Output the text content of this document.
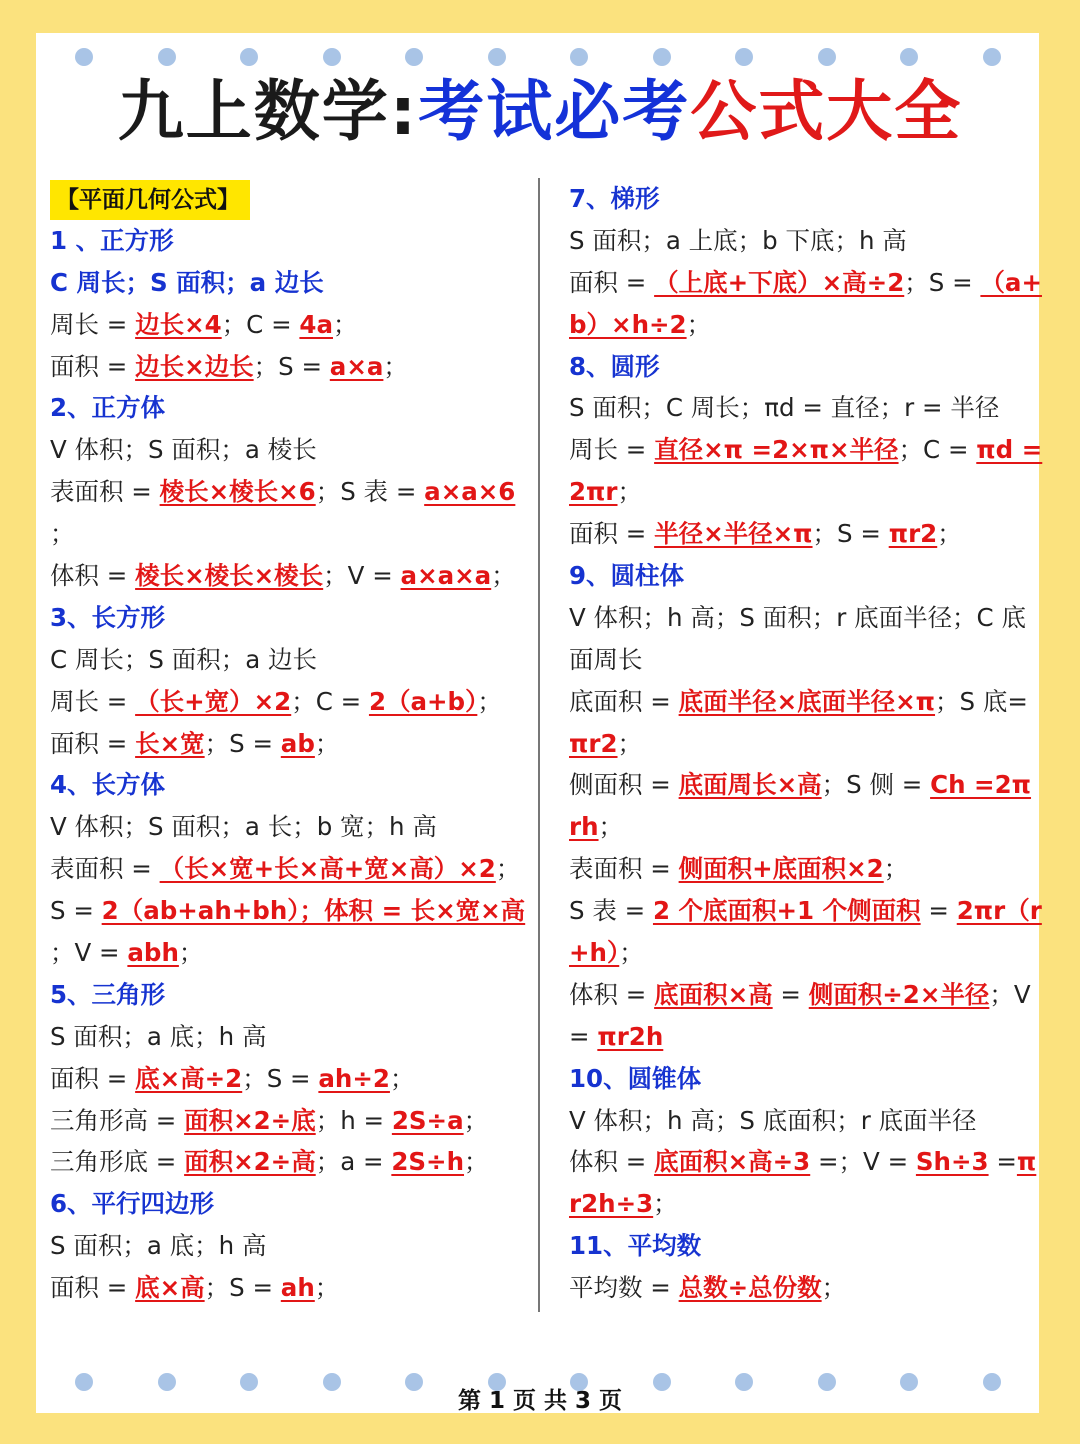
九上数学:考试必考公式大全
【平面几何公式】
1 、正方形
C 周长；S 面积；a 边长
周长 = 边长×4；C = 4a；
面积 = 边长×边长；S = a×a；
2、正方体
V 体积；S 面积；a 棱长
表面积 = 棱长×棱长×6；S 表 = a×a×6
；
体积 = 棱长×棱长×棱长；V = a×a×a；
3、长方形
C 周长；S 面积；a 边长
周长 = （长+宽）×2；C = 2（a+b）；
面积 = 长×宽；S = ab；
4、长方体
V 体积；S 面积；a 长；b 宽；h 高
表面积 = （长×宽+长×高+宽×高）×2；
S = 2（ab+ah+bh）；体积 = 长×宽×高
；V = abh；
5、三角形
S 面积；a 底；h 高
面积 = 底×高÷2；S = ah÷2；
三角形高 = 面积×2÷底；h = 2S÷a；
三角形底 = 面积×2÷高；a = 2S÷h；
6、平行四边形
S 面积；a 底；h 高
面积 = 底×高；S = ah；
7、梯形
S 面积；a 上底；b 下底；h 高
面积 = （上底+下底）×高÷2；S = （a+
b）×h÷2；
8、圆形
S 面积；C 周长；πd = 直径；r = 半径
周长 = 直径×π =2×π×半径；C = πd =
2πr；
面积 = 半径×半径×π；S = πr2；
9、圆柱体
V 体积；h 高；S 面积；r 底面半径；C 底
面周长
底面积 = 底面半径×底面半径×π；S 底=
πr2；
侧面积 = 底面周长×高；S 侧 = Ch =2π
rh；
表面积 = 侧面积+底面积×2；
S 表 = 2 个底面积+1 个侧面积 = 2πr（r
+h）；
体积 = 底面积×高 = 侧面积÷2×半径；V
= πr2h
10、圆锥体
V 体积；h 高；S 底面积；r 底面半径
体积 = 底面积×高÷3 =；V = Sh÷3 =π
r2h÷3；
11、平均数
平均数 = 总数÷总份数；
第 1 页 共 3 页
